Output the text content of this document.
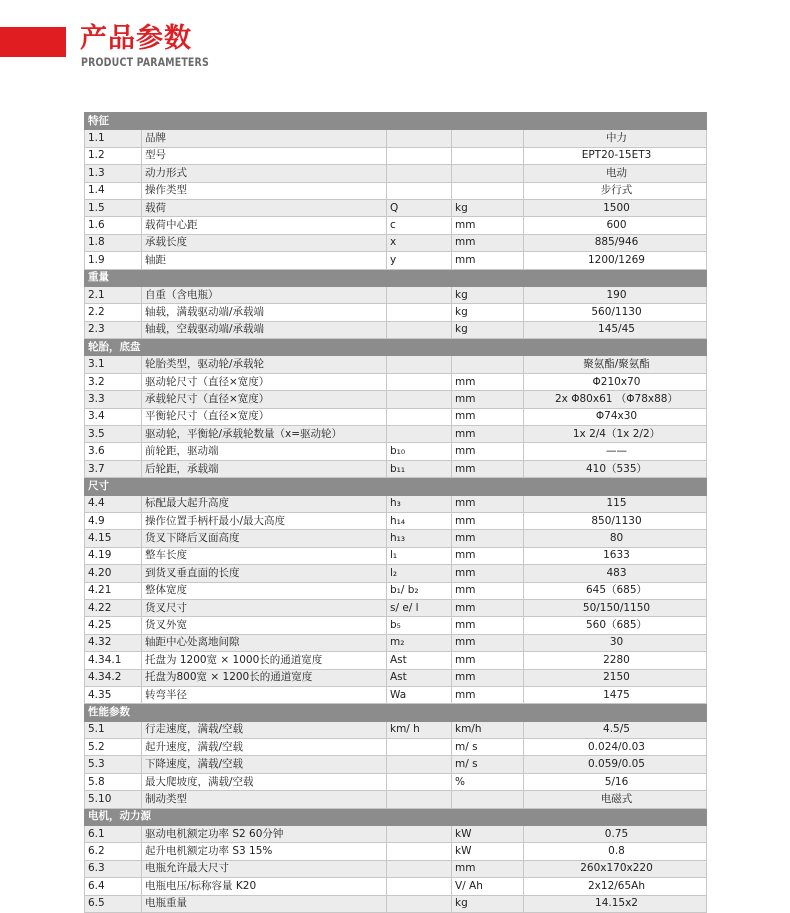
产品参数
PRODUCT PARAMETERS
特征				
1.1	品牌			中力
1.2	型号			EPT20-15ET3
1.3	动力形式			电动
1.4	操作类型			步行式
1.5	载荷	Q	kg	1500
1.6	载荷中心距	c	mm	600
1.8	承载长度	x	mm	885/946
1.9	轴距	y	mm	1200/1269
重量				
2.1	自重（含电瓶）		kg	190
2.2	轴载，满载驱动端/承载端		kg	560/1130
2.3	轴载，空载驱动端/承载端		kg	145/45
轮胎，底盘				
3.1	轮胎类型，驱动轮/承载轮			聚氨酯/聚氨酯
3.2	驱动轮尺寸（直径×宽度）		mm	Φ210x70
3.3	承载轮尺寸（直径×宽度）		mm	2x Φ80x61 （Φ78x88）
3.4	平衡轮尺寸（直径×宽度）		mm	Φ74x30
3.5	驱动轮，平衡轮/承载轮数量（x=驱动轮）		mm	1x 2/4（1x 2/2）
3.6	前轮距，驱动端	b₁₀	mm	——
3.7	后轮距，承载端	b₁₁	mm	410（535）
尺寸				
4.4	标配最大起升高度	h₃	mm	115
4.9	操作位置手柄杆最小/最大高度	h₁₄	mm	850/1130
4.15	货叉下降后叉面高度	h₁₃	mm	80
4.19	整车长度	l₁	mm	1633
4.20	到货叉垂直面的长度	l₂	mm	483
4.21	整体宽度	b₁/ b₂	mm	645（685）
4.22	货叉尺寸	s/ e/ l	mm	50/150/1150
4.25	货叉外宽	b₅	mm	560（685）
4.32	轴距中心处离地间隙	m₂	mm	30
4.34.1	托盘为 1200宽 × 1000长的通道宽度	Ast	mm	2280
4.34.2	托盘为800宽 × 1200长的通道宽度	Ast	mm	2150
4.35	转弯半径	Wa	mm	1475
性能参数				
5.1	行走速度，满载/空载	km/ h	km/h	4.5/5
5.2	起升速度，满载/空载		m/ s	0.024/0.03
5.3	下降速度，满载/空载		m/ s	0.059/0.05
5.8	最大爬坡度，满载/空载		%	5/16
5.10	制动类型			电磁式
电机，动力源				
6.1	驱动电机额定功率 S2 60分钟		kW	0.75
6.2	起升电机额定功率 S3 15%		kW	0.8
6.3	电瓶允许最大尺寸		mm	260x170x220
6.4	电瓶电压/标称容量 K20		V/ Ah	2x12/65Ah
6.5	电瓶重量		kg	14.15x2
